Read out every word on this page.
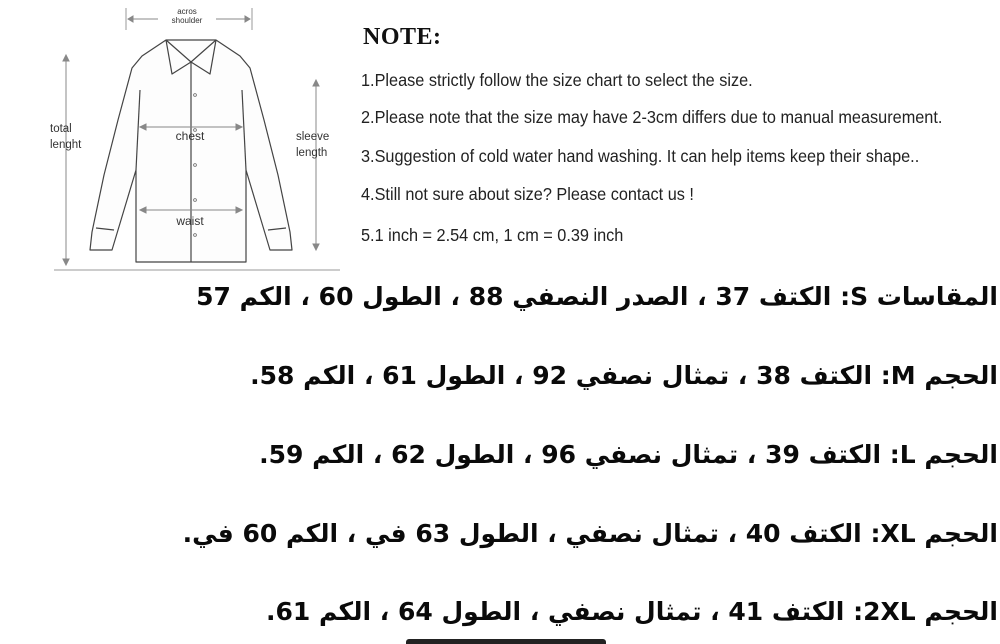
acros
shoulder
total
lenght
sleeve
length
chest
waist
NOTE:
1.Please strictly follow the size chart to select the size.
2.Please note that the size may have 2-3cm differs due to manual measurement.
3.Suggestion of cold water hand washing. It can help items keep their shape..
4.Still not sure about size? Please contact us !
5.1 inch = 2.54 cm, 1 cm = 0.39 inch
المقاسات S: الكتف 37 ، الصدر النصفي 88 ، الطول 60 ، الكم 57
الحجم M: الكتف 38 ، تمثال نصفي 92 ، الطول 61 ، الكم 58.
الحجم L: الكتف 39 ، تمثال نصفي 96 ، الطول 62 ، الكم 59.
الحجم XL: الكتف 40 ، تمثال نصفي ، الطول 63 في ، الكم 60 في.
الحجم 2XL: الكتف 41 ، تمثال نصفي ، الطول 64 ، الكم 61.
